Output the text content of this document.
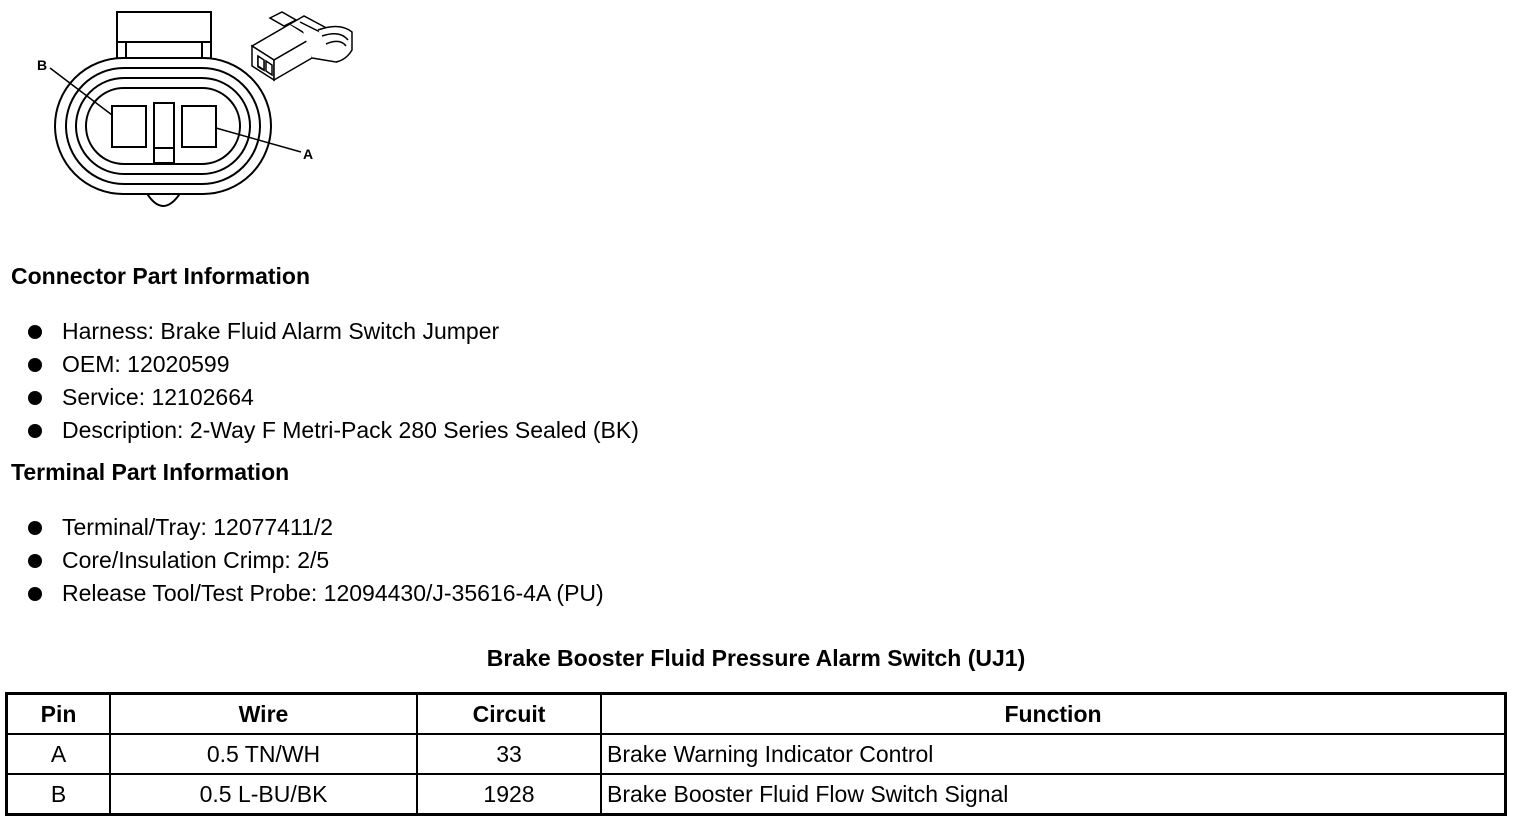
B
A
Connector Part Information
Harness: Brake Fluid Alarm Switch Jumper
OEM: 12020599
Service: 12102664
Description: 2-Way F Metri-Pack 280 Series Sealed (BK)
Terminal Part Information
Terminal/Tray: 12077411/2
Core/Insulation Crimp: 2/5
Release Tool/Test Probe: 12094430/J-35616-4A (PU)
Brake Booster Fluid Pressure Alarm Switch (UJ1)
Pin	Wire	Circuit	Function
A	0.5 TN/WH	33	Brake Warning Indicator Control
B	0.5 L-BU/BK	1928	Brake Booster Fluid Flow Switch Signal
